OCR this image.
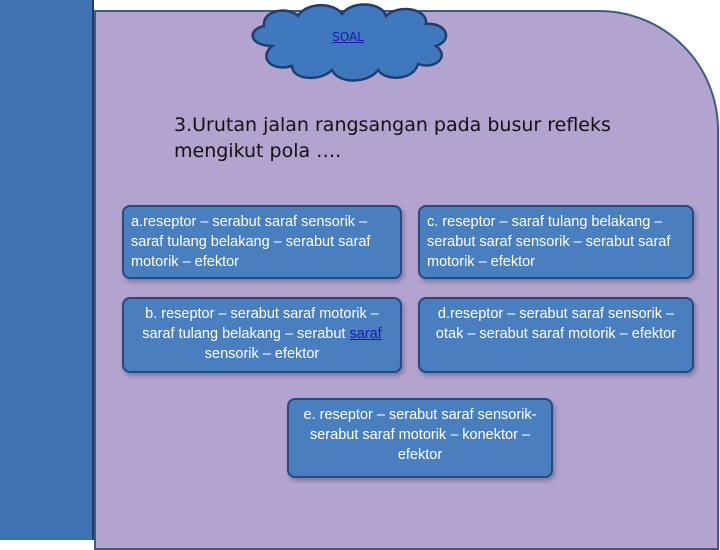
SOAL
3.Urutan jalan rangsangan pada busur refleks
mengikut pola ….
a.reseptor – serabut saraf sensorik – saraf tulang belakang – serabut saraf motorik – efektor
c. reseptor – saraf tulang belakang – serabut saraf sensorik – serabut saraf motorik – efektor
b. reseptor – serabut saraf motorik – saraf tulang belakang – serabut saraf sensorik – efektor
d.reseptor – serabut saraf sensorik – otak – serabut saraf motorik – efektor
e. reseptor – serabut saraf sensorik- serabut saraf motorik – konektor – efektor
